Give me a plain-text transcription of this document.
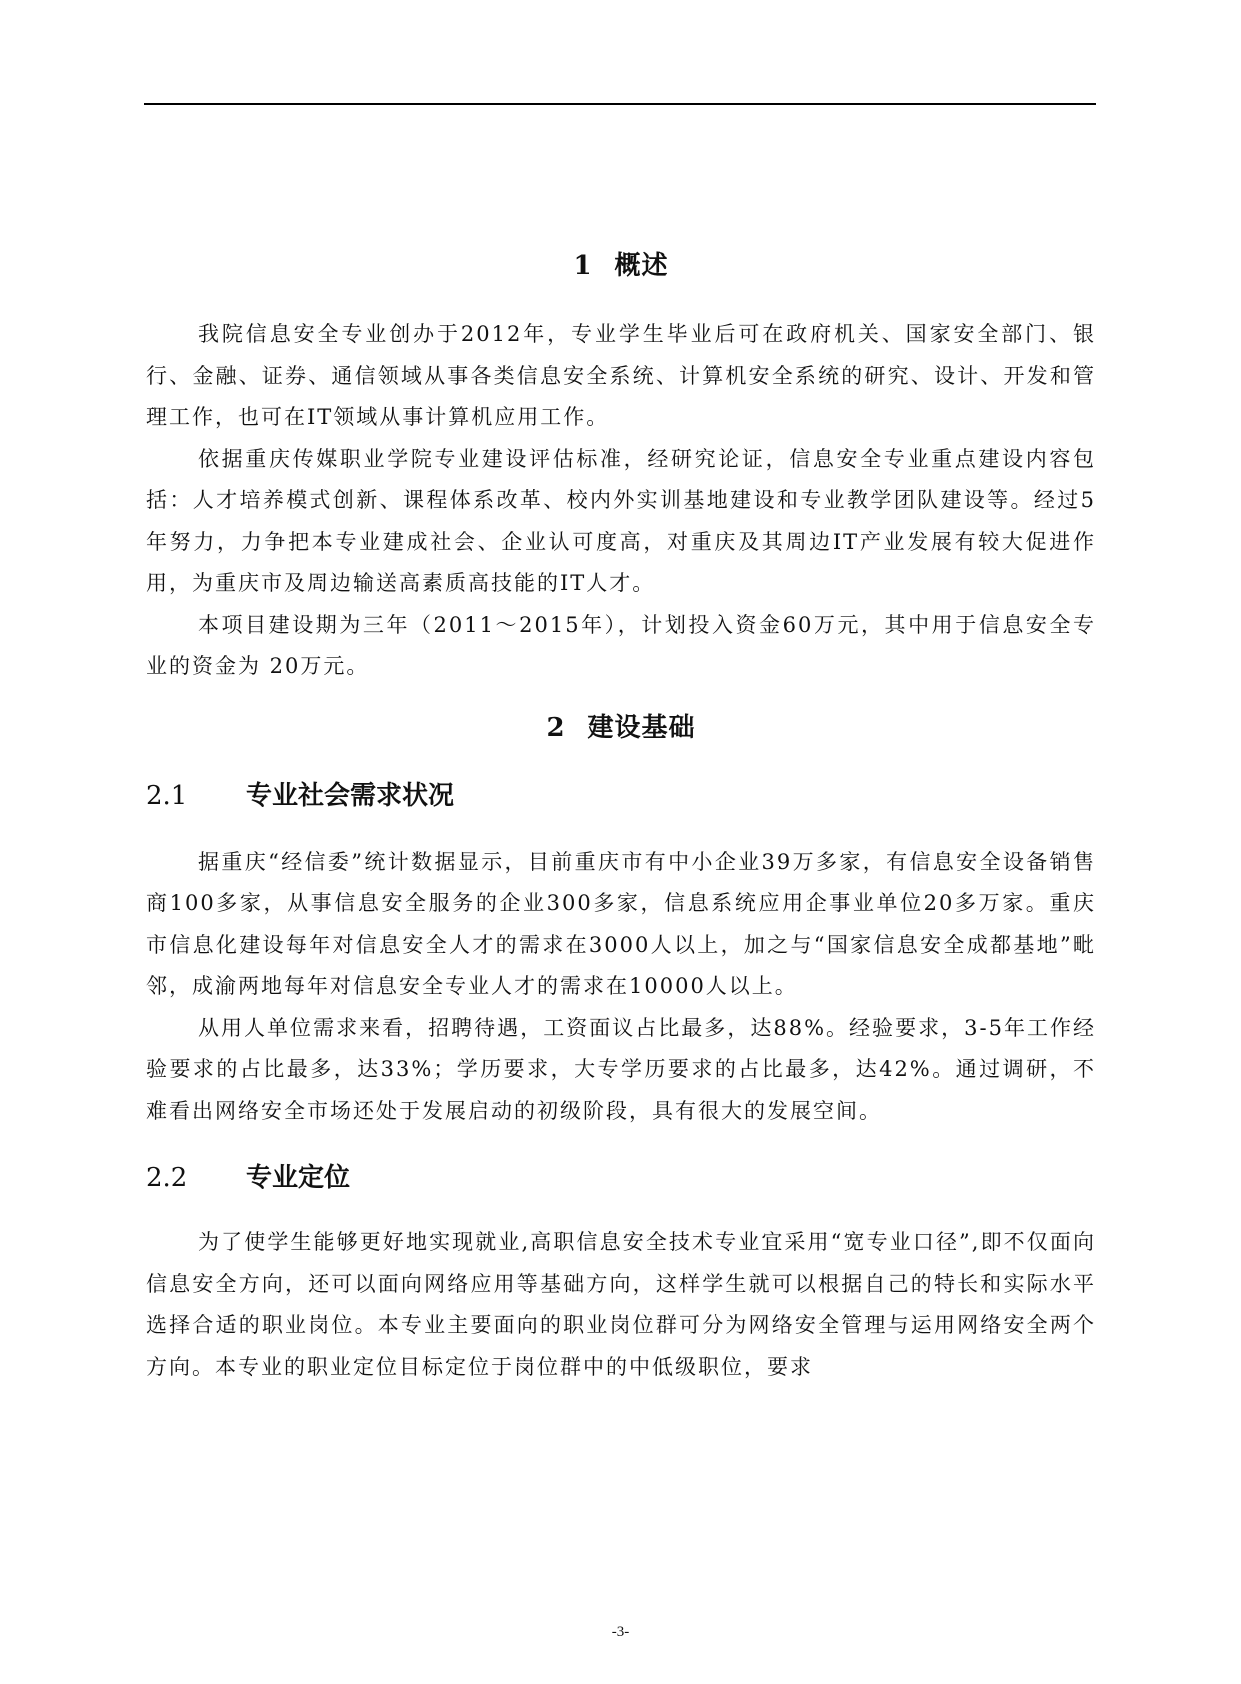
1 概述

我院信息安全专业创办于2012年，专业学生毕业后可在政府机关、国家安全部门、银行、金融、证券、通信领域从事各类信息安全系统、计算机安全系统的研究、设计、开发和管理工作，也可在IT领域从事计算机应用工作。

依据重庆传媒职业学院专业建设评估标准，经研究论证，信息安全专业重点建设内容包括：人才培养模式创新、课程体系改革、校内外实训基地建设和专业教学团队建设等。经过5年努力，力争把本专业建成社会、企业认可度高，对重庆及其周边IT产业发展有较大促进作用，为重庆市及周边输送高素质高技能的IT人才。

本项目建设期为三年（2011～2015年），计划投入资金60万元，其中用于信息安全专业的资金为 20万元。

2 建设基础
2.1 专业社会需求状况

据重庆“经信委”统计数据显示，目前重庆市有中小企业39万多家，有信息安全设备销售商100多家，从事信息安全服务的企业300多家，信息系统应用企事业单位20多万家。重庆市信息化建设每年对信息安全人才的需求在3000人以上，加之与“国家信息安全成都基地”毗邻，成渝两地每年对信息安全专业人才的需求在10000人以上。

从用人单位需求来看，招聘待遇，工资面议占比最多，达88%。经验要求，3-5年工作经验要求的占比最多，达33%；学历要求，大专学历要求的占比最多，达42%。通过调研，不难看出网络安全市场还处于发展启动的初级阶段，具有很大的发展空间。

2.2 专业定位

为了使学生能够更好地实现就业,高职信息安全技术专业宜采用“宽专业口径”,即不仅面向信息安全方向，还可以面向网络应用等基础方向，这样学生就可以根据自己的特长和实际水平选择合适的职业岗位。本专业主要面向的职业岗位群可分为网络安全管理与运用网络安全两个方向。本专业的职业定位目标定位于岗位群中的中低级职位，要求

-3-
